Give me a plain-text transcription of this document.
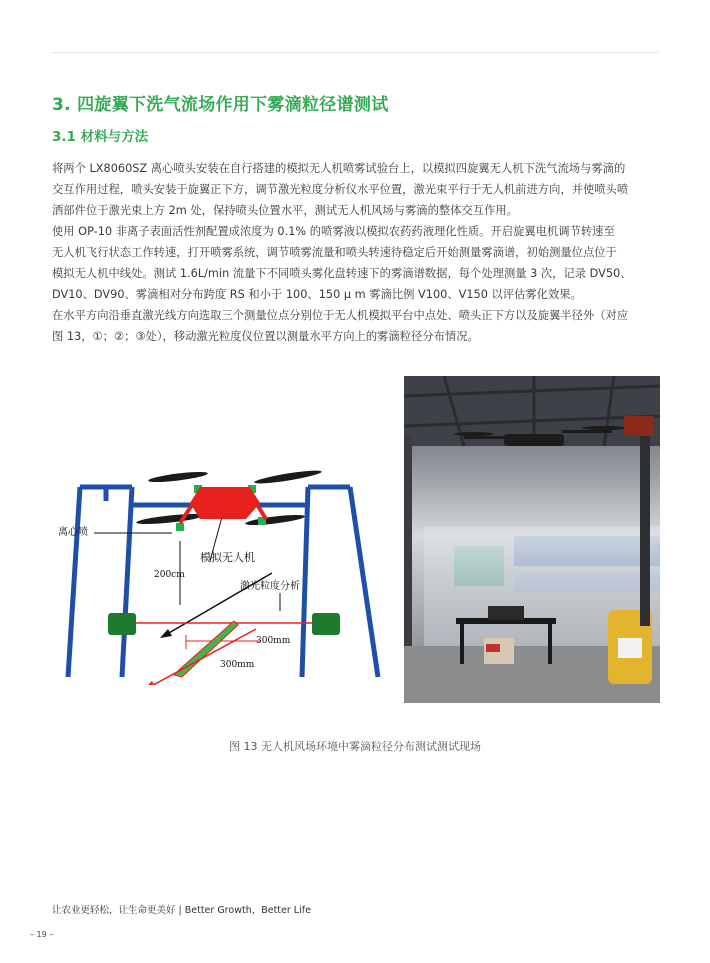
3. 四旋翼下洗气流场作用下雾滴粒径谱测试
3.1 材料与方法
将两个 LX8060SZ 离心喷头安装在自行搭建的模拟无人机喷雾试验台上，以模拟四旋翼无人机下洗气流场与雾滴的
交互作用过程，喷头安装于旋翼正下方，调节激光粒度分析仪水平位置，激光束平行于无人机前进方向，并使喷头喷
洒部件位于激光束上方 2m 处，保持喷头位置水平，测试无人机风场与雾滴的整体交互作用。
使用 OP-10 非离子表面活性剂配置成浓度为 0.1% 的喷雾液以模拟农药药液理化性质。开启旋翼电机调节转速至
无人机飞行状态工作转速，打开喷雾系统，调节喷雾流量和喷头转速待稳定后开始测量雾滴谱，初始测量位点位于
模拟无人机中线处。测试 1.6L/min 流量下不同喷头雾化盘转速下的雾滴谱数据，每个处理测量 3 次，记录 DV50、
DV10、DV90、雾滴相对分布跨度 RS 和小于 100、150 μ m 雾滴比例 V100、V150 以评估雾化效果。
在水平方向沿垂直激光线方向选取三个测量位点分别位于无人机模拟平台中点处、喷头正下方以及旋翼半径外（对应
图 13，①；②；③处），移动激光粒度仪位置以测量水平方向上的雾滴粒径分布情况。
离心喷
模拟无人机
200cm
激光粒度分析
300mm
300mm
图 13 无人机风场环境中雾滴粒径分布测试测试现场
让农业更轻松，让生命更美好 | Better Growth，Better Life
– 19 –
